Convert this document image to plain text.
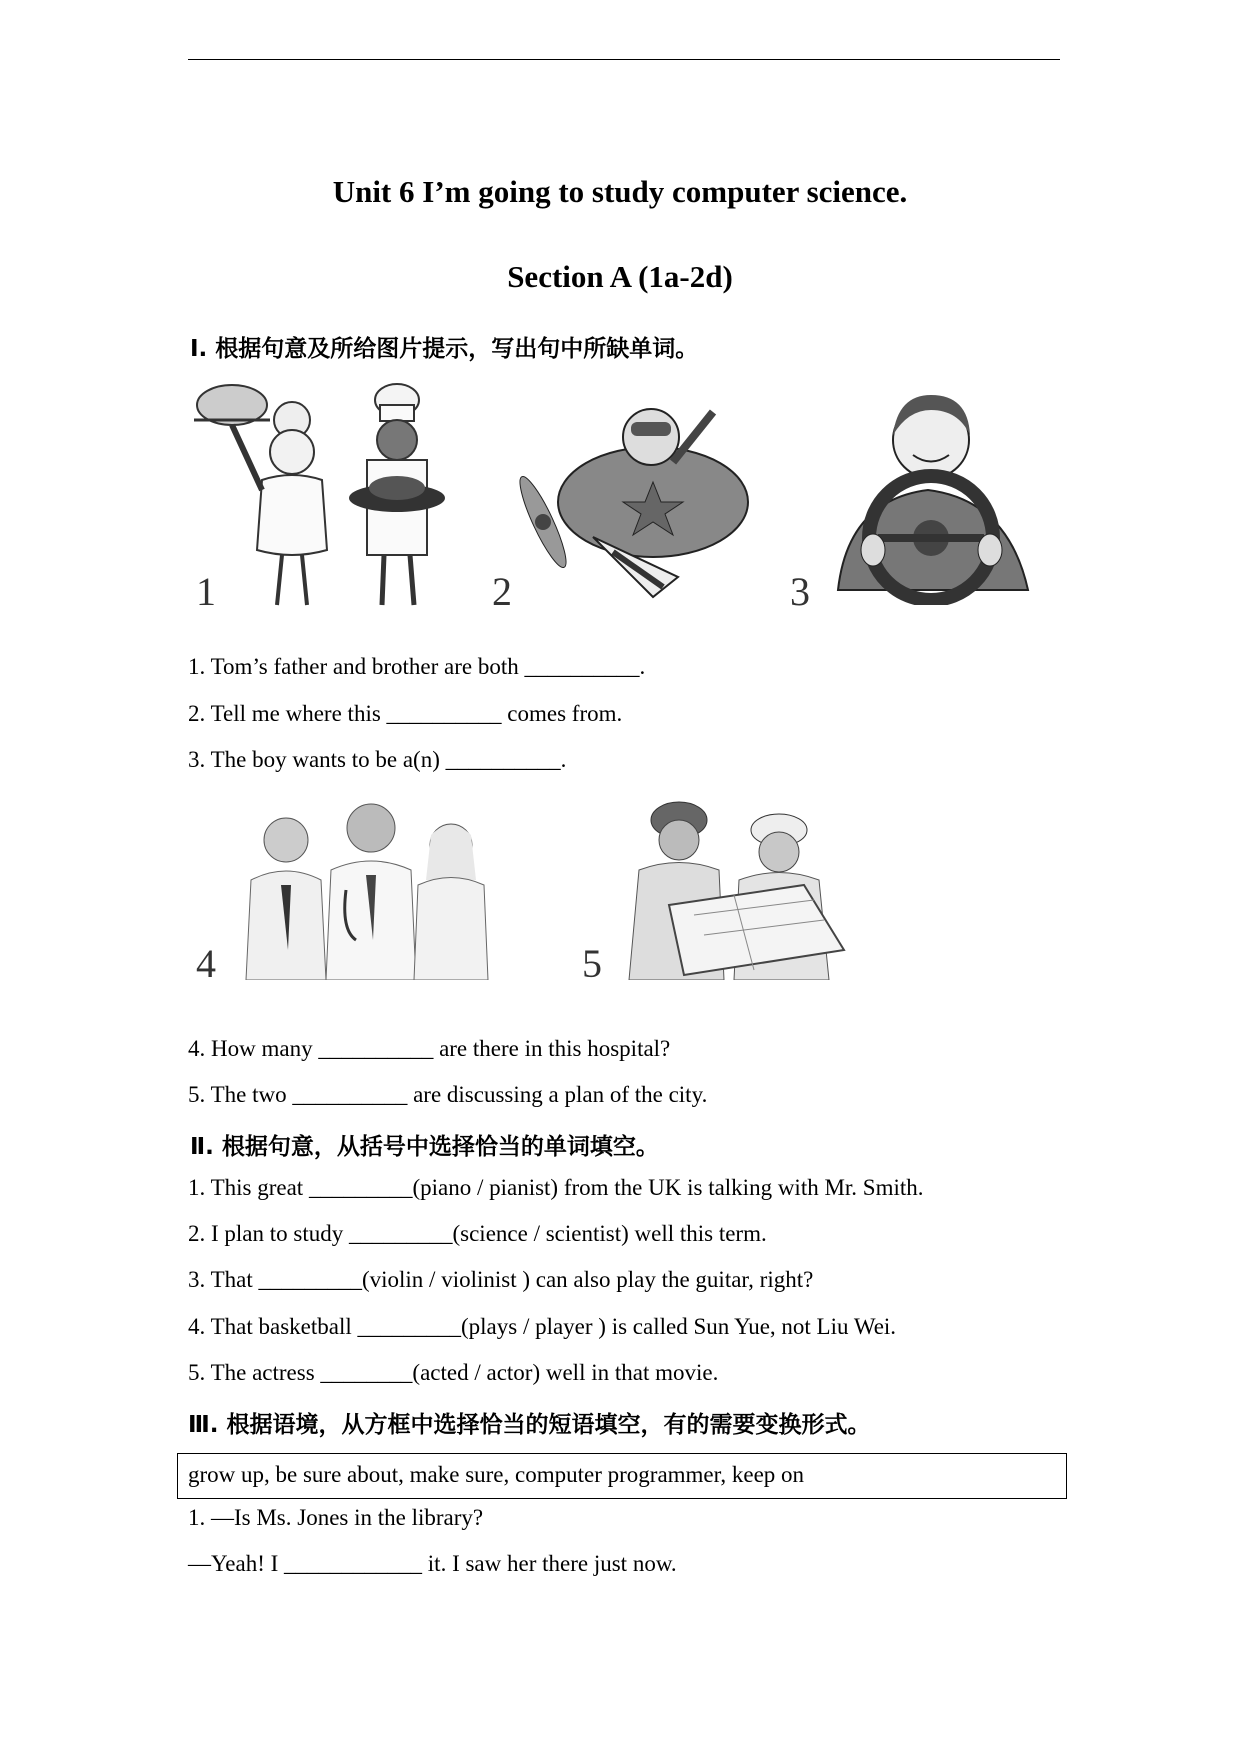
Unit 6 I’m going to study computer science.
Section A (1a-2d)
Ⅰ. 根据句意及所给图片提示，写出句中所缺单词。
1	2	3
1. Tom’s father and brother are both __________.
2. Tell me where this __________ comes from.
3. The boy wants to be a(n) __________.
4	5
4. How many __________ are there in this hospital?
5. The two __________ are discussing a plan of the city.
Ⅱ. 根据句意，从括号中选择恰当的单词填空。
1. This great _________(piano / pianist) from the UK is talking with Mr. Smith.
2. I plan to study _________(science / scientist) well this term.
3. That _________(violin / violinist ) can also play the guitar, right?
4. That basketball _________(plays / player ) is called Sun Yue, not Liu Wei.
5. The actress ________(acted / actor) well in that movie.
Ⅲ. 根据语境，从方框中选择恰当的短语填空，有的需要变换形式。
grow up, be sure about, make sure, computer programmer, keep on
1. —Is Ms. Jones in the library?
—Yeah! I ____________ it. I saw her there just now.
